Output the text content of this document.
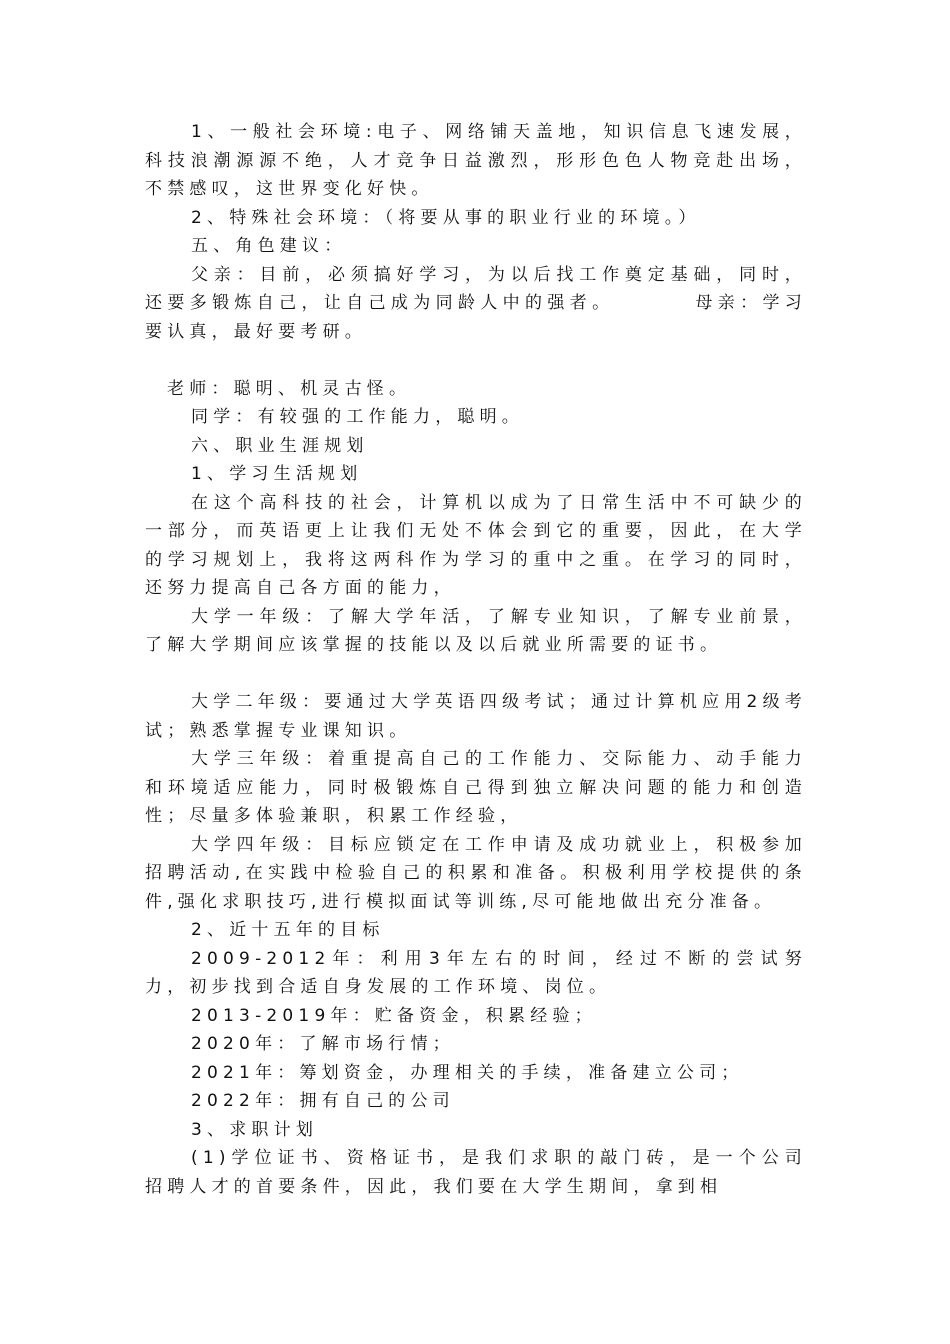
1、一般社会环境:电子、网络铺天盖地，知识信息飞速发展，科技浪潮源源不绝，人才竞争日益激烈，形形色色人物竞赴出场，不禁感叹，这世界变化好快。

2、特殊社会环境：（将要从事的职业行业的环境。）

五、角色建议：

父亲：目前，必须搞好学习，为以后找工作奠定基础，同时，还要多锻炼自己，让自己成为同龄人中的强者。　　　　母亲：学习要认真，最好要考研。

老师：聪明、机灵古怪。

同学：有较强的工作能力，聪明。

六、职业生涯规划

1、学习生活规划

在这个高科技的社会，计算机以成为了日常生活中不可缺少的一部分，而英语更上让我们无处不体会到它的重要，因此，在大学的学习规划上，我将这两科作为学习的重中之重。在学习的同时，还努力提高自己各方面的能力，

大学一年级：了解大学年活，了解专业知识，了解专业前景，了解大学期间应该掌握的技能以及以后就业所需要的证书。

大学二年级：要通过大学英语四级考试；通过计算机应用2级考试；熟悉掌握专业课知识。

大学三年级：着重提高自己的工作能力、交际能力、动手能力和环境适应能力，同时极锻炼自己得到独立解决问题的能力和创造性；尽量多体验兼职，积累工作经验，

大学四年级：目标应锁定在工作申请及成功就业上，积极参加招聘活动,在实践中检验自己的积累和准备。积极利用学校提供的条件,强化求职技巧,进行模拟面试等训练,尽可能地做出充分准备。

2、近十五年的目标

2009-2012年：利用3年左右的时间，经过不断的尝试努力，初步找到合适自身发展的工作环境、岗位。

2013-2019年：贮备资金，积累经验；

2020年：了解市场行情；

2021年：筹划资金，办理相关的手续，准备建立公司；

2022年：拥有自己的公司

3、求职计划

(1)学位证书、资格证书，是我们求职的敲门砖，是一个公司招聘人才的首要条件，因此，我们要在大学生期间，拿到相
